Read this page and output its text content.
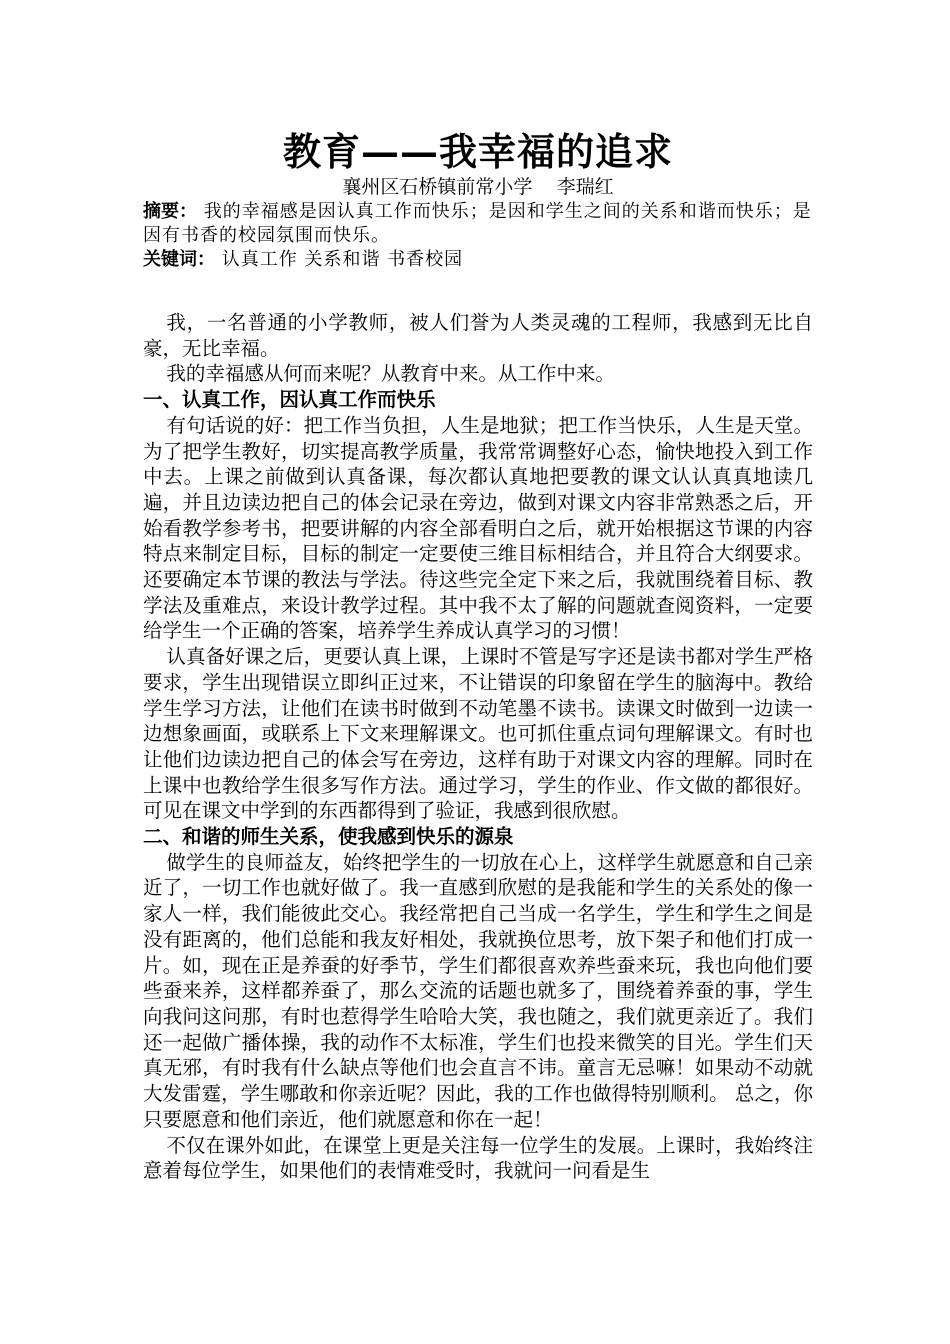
教育——我幸福的追求

襄州区石桥镇前常小学    李瑞红

摘要： 我的幸福感是因认真工作而快乐；是因和学生之间的关系和谐而快乐；是因有书香的校园氛围而快乐。

关键词： 认真工作 关系和谐 书香校园

我，一名普通的小学教师，被人们誉为人类灵魂的工程师，我感到无比自豪，无比幸福。

我的幸福感从何而来呢？从教育中来。从工作中来。

一、认真工作，因认真工作而快乐

有句话说的好：把工作当负担，人生是地狱；把工作当快乐，人生是天堂。为了把学生教好，切实提高教学质量，我常常调整好心态，愉快地投入到工作中去。上课之前做到认真备课，每次都认真地把要教的课文认认真真地读几遍，并且边读边把自己的体会记录在旁边，做到对课文内容非常熟悉之后，开始看教学参考书，把要讲解的内容全部看明白之后，就开始根据这节课的内容特点来制定目标，目标的制定一定要使三维目标相结合，并且符合大纲要求。还要确定本节课的教法与学法。待这些完全定下来之后，我就围绕着目标、教学法及重难点，来设计教学过程。其中我不太了解的问题就查阅资料，一定要给学生一个正确的答案，培养学生养成认真学习的习惯！

认真备好课之后，更要认真上课，上课时不管是写字还是读书都对学生严格要求，学生出现错误立即纠正过来，不让错误的印象留在学生的脑海中。教给学生学习方法，让他们在读书时做到不动笔墨不读书。读课文时做到一边读一边想象画面，或联系上下文来理解课文。也可抓住重点词句理解课文。有时也让他们边读边把自己的体会写在旁边，这样有助于对课文内容的理解。同时在上课中也教给学生很多写作方法。通过学习，学生的作业、作文做的都很好。可见在课文中学到的东西都得到了验证，我感到很欣慰。

二、和谐的师生关系，使我感到快乐的源泉

做学生的良师益友，始终把学生的一切放在心上，这样学生就愿意和自己亲近了，一切工作也就好做了。我一直感到欣慰的是我能和学生的关系处的像一家人一样，我们能彼此交心。我经常把自己当成一名学生，学生和学生之间是没有距离的，他们总能和我友好相处，我就换位思考，放下架子和他们打成一片。如，现在正是养蚕的好季节，学生们都很喜欢养些蚕来玩，我也向他们要些蚕来养，这样都养蚕了，那么交流的话题也就多了，围绕着养蚕的事，学生向我问这问那，有时也惹得学生哈哈大笑，我也随之，我们就更亲近了。我们还一起做广播体操，我的动作不太标准，学生们也投来微笑的目光。学生们天真无邪，有时我有什么缺点等他们也会直言不讳。童言无忌嘛！如果动不动就大发雷霆，学生哪敢和你亲近呢？因此，我的工作也做得特别顺利。 总之，你只要愿意和他们亲近，他们就愿意和你在一起！

不仅在课外如此，在课堂上更是关注每一位学生的发展。上课时，我始终注意着每位学生，如果他们的表情难受时，我就问一问看是生
